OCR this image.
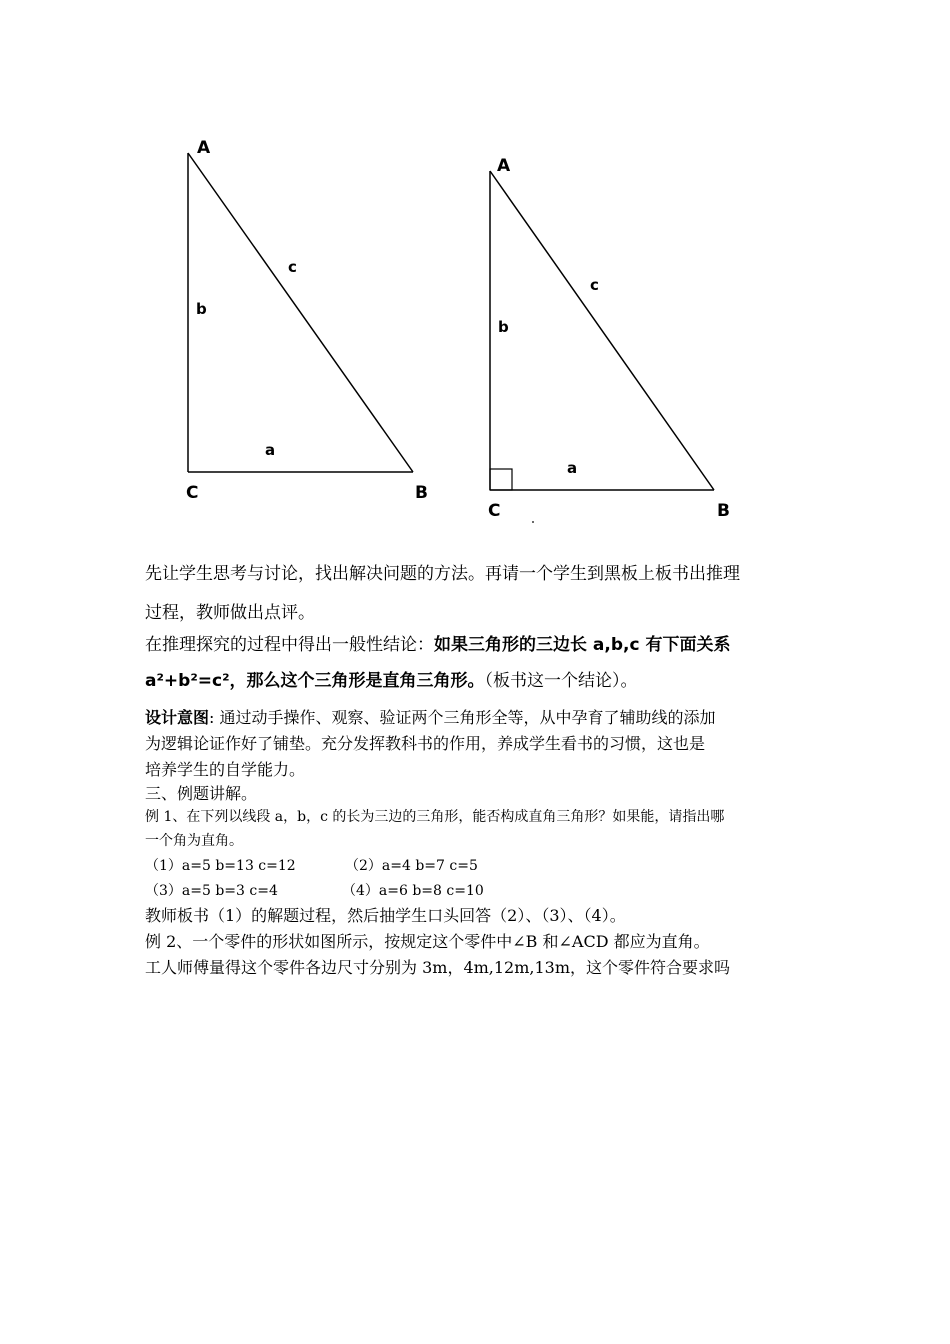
A
C	B
b
c
a
A
C	B
b
c
a
先让学生思考与讨论，找出解决问题的方法。再请一个学生到黑板上板书出推理
过程，教师做出点评。
在推理探究的过程中得出一般性结论：如果三角形的三边长 a,b,c 有下面关系
a²+b²=c²，那么这个三角形是直角三角形。（板书这一个结论）。
设计意图: 通过动手操作、观察、验证两个三角形全等，从中孕育了辅助线的添加
为逻辑论证作好了铺垫。充分发挥教科书的作用，养成学生看书的习惯，这也是
培养学生的自学能力。
三、例题讲解。
例 1、在下列以线段 a，b，c 的长为三边的三角形，能否构成直角三角形？如果能，请指出哪
一个角为直角。
（1）a=5 b=13 c=12	（2）a=4 b=7 c=5
（3）a=5 b=3 c=4	（4）a=6 b=8 c=10
教师板书（1）的解题过程，然后抽学生口头回答（2）、（3）、（4）。
例 2、一个零件的形状如图所示，按规定这个零件中∠B 和∠ACD 都应为直角。
工人师傅量得这个零件各边尺寸分别为 3m，4m,12m,13m，这个零件符合要求吗
